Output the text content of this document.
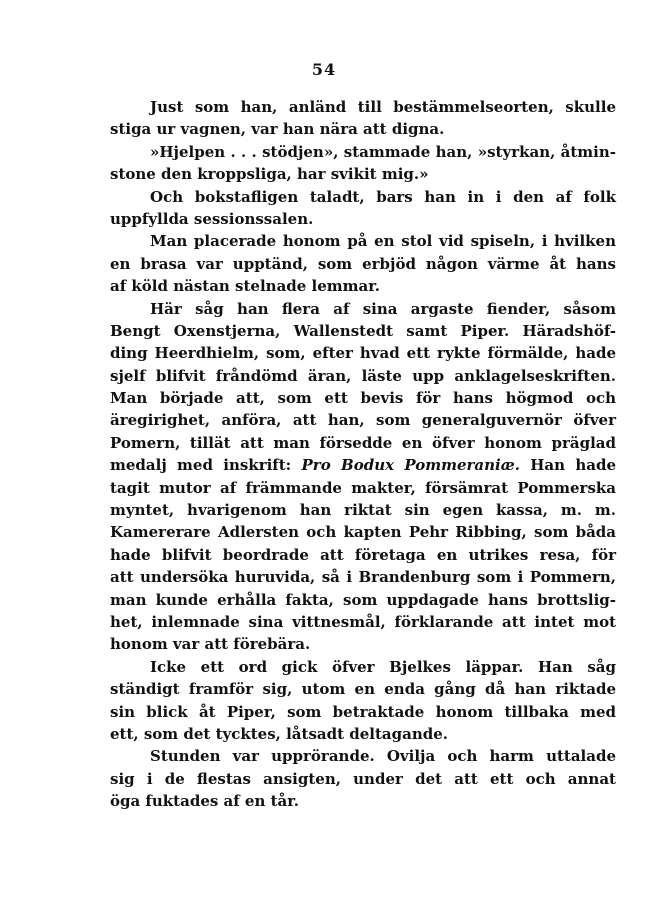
54
Just som han, anländ till bestämmelseorten, skulle
stiga ur vagnen, var han nära att digna.
»Hjelpen . . . stödjen», stammade han, »styrkan, åtmin-
stone den kroppsliga, har svikit mig.»
Och bokstafligen taladt, bars han in i den af folk
uppfyllda sessionssalen.
Man placerade honom på en stol vid spiseln, i hvilken
en brasa var upptänd, som erbjöd någon värme åt hans
af köld nästan stelnade lemmar.
Här såg han flera af sina argaste fiender, såsom
Bengt Oxenstjerna, Wallenstedt samt Piper. Häradshöf-
ding Heerdhielm, som, efter hvad ett rykte förmälde, hade
sjelf blifvit fråndömd äran, läste upp anklagelseskriften.
Man började att, som ett bevis för hans högmod och
äregirighet, anföra, att han, som generalguvernör öfver
Pomern, tillät att man försedde en öfver honom präglad
medalj med inskrift: Pro Bodux Pommeraniæ. Han hade
tagit mutor af främmande makter, försämrat Pommerska
myntet, hvarigenom han riktat sin egen kassa, m. m.
Kamererare Adlersten och kapten Pehr Ribbing, som båda
hade blifvit beordrade att företaga en utrikes resa, för
att undersöka huruvida, så i Brandenburg som i Pommern,
man kunde erhålla fakta, som uppdagade hans brottslig-
het, inlemnade sina vittnesmål, förklarande att intet mot
honom var att förebära.
Icke ett ord gick öfver Bjelkes läppar. Han såg
ständigt framför sig, utom en enda gång då han riktade
sin blick åt Piper, som betraktade honom tillbaka med
ett, som det tycktes, låtsadt deltagande.
Stunden var upprörande. Ovilja och harm uttalade
sig i de flestas ansigten, under det att ett och annat
öga fuktades af en tår.
